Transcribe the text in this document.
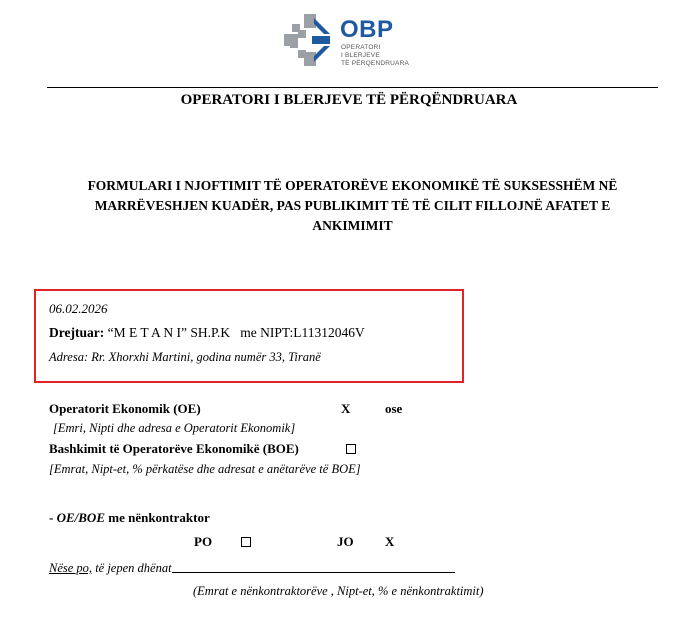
OBP
OPERATORI
I BLERJEVE
TË PËRQENDRUARA
OPERATORI I BLERJEVE TË PËRQËNDRUARA
FORMULARI I NJOFTIMIT TË OPERATORËVE EKONOMIKË TË SUKSESSHËM NË MARRËVESHJEN KUADËR, PAS PUBLIKIMIT TË TË CILIT FILLOJNË AFATET E ANKIMIMIT
06.02.2026
Drejtuar: “M E T A N I” SH.P.K   me NIPT:L11312046V
Adresa: Rr. Xhorxhi Martini, godina numër 33, Tiranë
Operatorit Ekonomik (OE)	X	ose
[Emri, Nipti dhe adresa e Operatorit Ekonomik]
Bashkimit të Operatorëve Ekonomikë (BOE)
[Emrat, Nipt-et, % përkatëse dhe adresat e anëtarëve të BOE]
- OE/BOE me nënkontraktor
PO	JO X
Nëse po, të jepen dhënat
(Emrat e nënkontraktorëve , Nipt-et, % e nënkontraktimit)
